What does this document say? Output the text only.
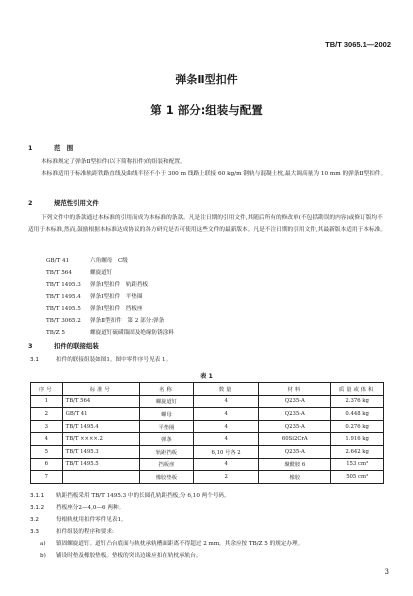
TB/T 3065.1—2002
弹条Ⅱ型扣件
第 1 部分:组装与配置
1	范　围
本标准规定了弹条Ⅱ型扣件(以下简称扣件)的组装和配置。
本标准适用于标准轨距铁路直线及曲线半径不小于 300 m 线路上联接 60 kg/m 钢轨与混凝土枕,最大调高量为 10 mm 的弹条Ⅱ型扣件。
2	规范性引用文件
下列文件中的条款通过本标准的引用而成为本标准的条款。凡是注日期的引用文件,其随后所有的修改单(不包括勘误的内容)或修订版均不适用于本标准,然而,鼓励根据本标准达成协议的各方研究是否可使用这些文件的最新版本。凡是不注日期的引用文件,其最新版本适用于本标准。
GB/T 41	六角螺母　C级
TB/T 564	螺旋道钉
TB/T 1495.3 弹条Ⅰ型扣件　轨距挡板
TB/T 1495.4 弹条Ⅰ型扣件　平垫圈
TB/T 1495.5 弹条Ⅰ型扣件　挡板座
TB/T 3065.2 弹条Ⅱ型扣件　第 2 部分:弹条
TB/Z 5	螺旋道钉硫磺锚固及绝缘防锈涂料
3	扣件的联接组装
3.1	扣件的联接组装如图1。图中零件序号见表 1。
表 1
序号	标准号	名称	数量	材料	质量或体积
1	TB/T 564	螺旋道钉	4	Q235-A	2.376 kg
2	GB/T 41	螺母	4	Q235-A	0.448 kg
3	TB/T 1495.4	平垫圈	4	Q235-A	0.276 kg
4	TB/T ××××.2	弹条	4	60Si2CrA	1.916 kg
5	TB/T 1495.3	轨距挡板	6,10 号各 2	Q235-A	2.642 kg
6	TB/T 1495.5	挡板座	4	聚酰胺 6	153 cm³
7		橡胶垫板	2	橡胶	505 cm³
3.1.1 轨距挡板采用 TB/T 1495.3 中的长圆孔轨距挡板,分 6,10 两个号码。
3.1.2 挡板座分2—4,0—6 两种。
3.2	每根轨枕用扣件零件见表1。
3.3	扣件组装的程序和要求:
a) 镇固螺旋道钉。道钉凸台底面与轨枕承轨槽面距离不得超过 2 mm。其余应按 TB/Z 5 的规定办理。
b) 铺设时垫及橡胶垫板。垫板的突出边缘应扣在轨枕承轨台。
3
